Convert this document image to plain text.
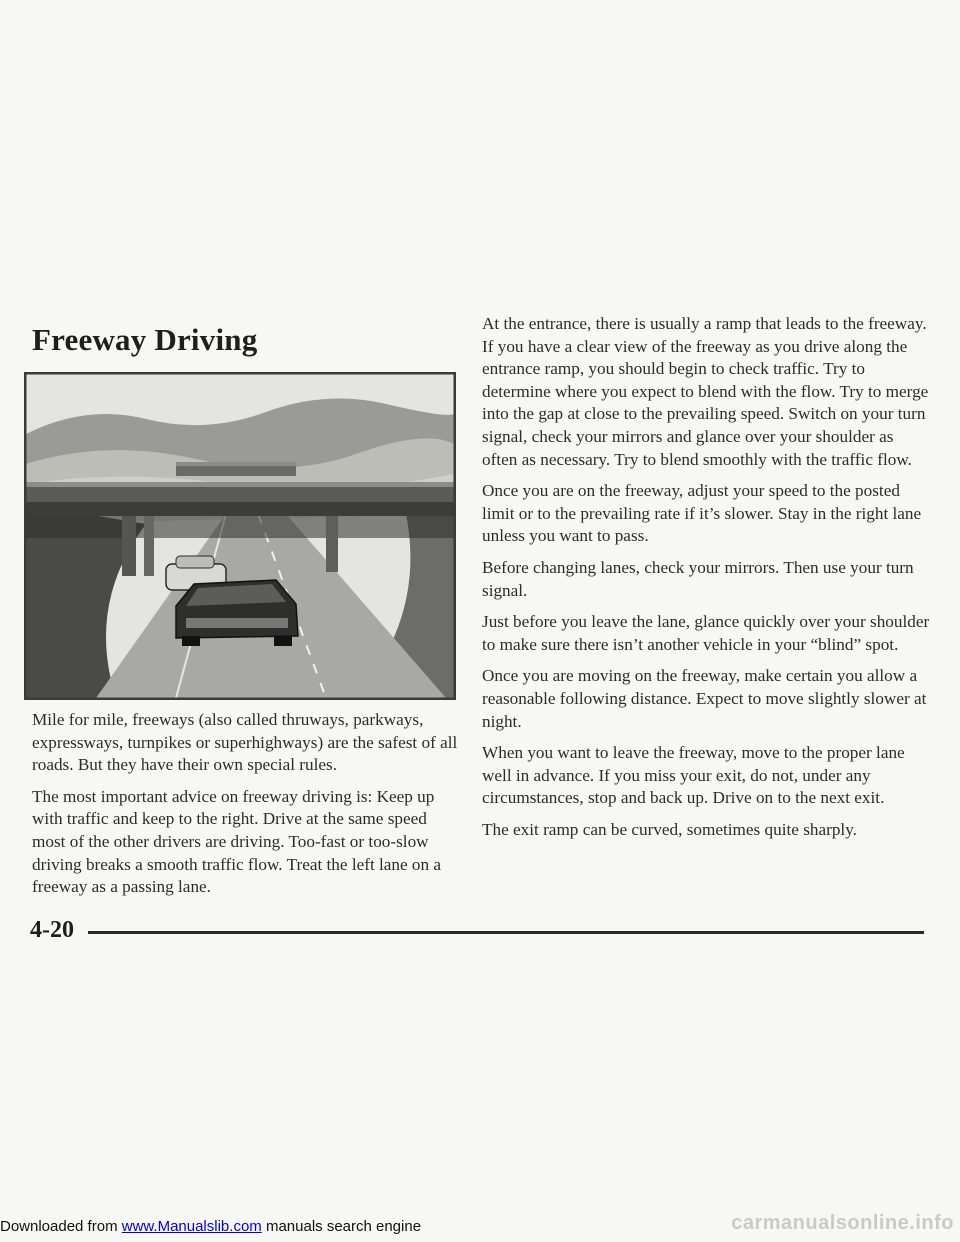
Freeway Driving

Mile for mile, freeways (also called thruways, parkways, expressways, turnpikes or superhighways) are the safest of all roads. But they have their own special rules.

The most important advice on freeway driving is: Keep up with traffic and keep to the right. Drive at the same speed most of the other drivers are driving. Too-fast or too-slow driving breaks a smooth traffic flow. Treat the left lane on a freeway as a passing lane.

At the entrance, there is usually a ramp that leads to the freeway. If you have a clear view of the freeway as you drive along the entrance ramp, you should begin to check traffic. Try to determine where you expect to blend with the flow. Try to merge into the gap at close to the prevailing speed. Switch on your turn signal, check your mirrors and glance over your shoulder as often as necessary. Try to blend smoothly with the traffic flow.

Once you are on the freeway, adjust your speed to the posted limit or to the prevailing rate if it’s slower. Stay in the right lane unless you want to pass.

Before changing lanes, check your mirrors. Then use your turn signal.

Just before you leave the lane, glance quickly over your shoulder to make sure there isn’t another vehicle in your “blind” spot.

Once you are moving on the freeway, make certain you allow a reasonable following distance. Expect to move slightly slower at night.

When you want to leave the freeway, move to the proper lane well in advance. If you miss your exit, do not, under any circumstances, stop and back up. Drive on to the next exit.

The exit ramp can be curved, sometimes quite sharply.

4-20
Downloaded from www.Manualslib.com manuals search engine	carmanualsonline.info
